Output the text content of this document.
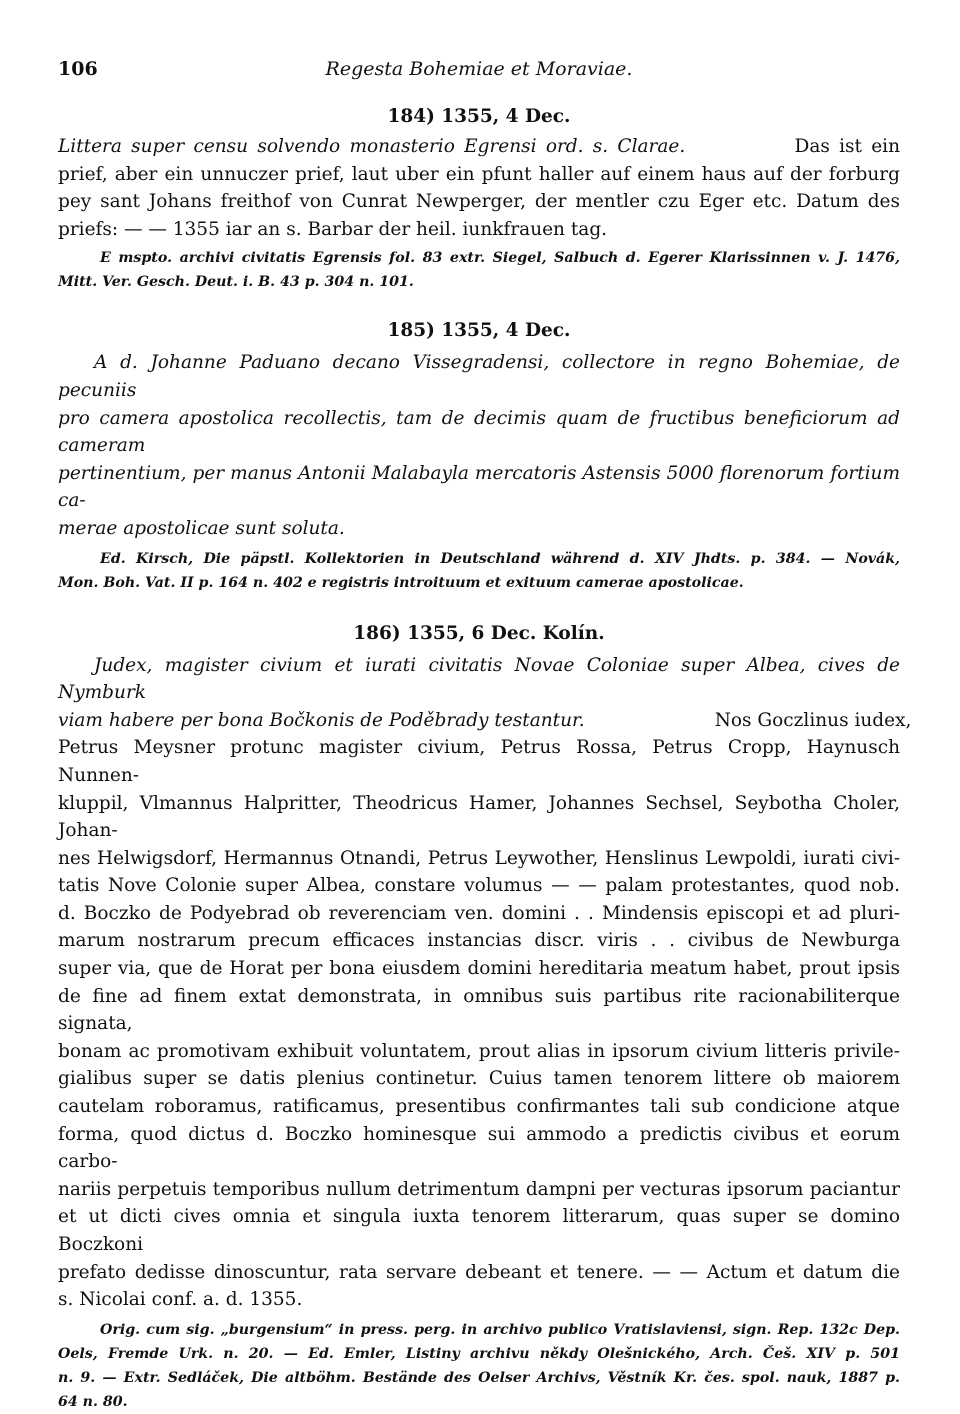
106	Regesta Bohemiae et Moraviae.

184) 1355, 4 Dec.

Littera super censu solvendo monasterio Egrensi ord. s. Clarae.	Das ist ein
prief, aber ein unnuczer prief, laut uber ein pfunt haller auf einem haus auf der forburg
pey sant Johans freithof von Cunrat Newperger, der mentler czu Eger etc. Datum des
priefs: — — 1355 iar an s. Barbar der heil. iunkfrauen tag.

E mspto. archivi civitatis Egrensis fol. 83 extr. Siegel, Salbuch d. Egerer Klarissinnen v. J. 1476,
Mitt. Ver. Gesch. Deut. i. B. 43 p. 304 n. 101.

185) 1355, 4 Dec.

A d. Johanne Paduano decano Vissegradensi, collectore in regno Bohemiae, de pecuniis
pro camera apostolica recollectis, tam de decimis quam de fructibus beneficiorum ad cameram
pertinentium, per manus Antonii Malabayla mercatoris Astensis 5000 florenorum fortium ca-
merae apostolicae sunt soluta.

Ed. Kirsch, Die päpstl. Kollektorien in Deutschland während d. XIV Jhdts. p. 384. — Novák,
Mon. Boh. Vat. II p. 164 n. 402 e registris introituum et exituum camerae apostolicae.

186) 1355, 6 Dec. Kolín.

Judex, magister civium et iurati civitatis Novae Coloniae super Albea, cives de Nymburk
viam habere per bona Bočkonis de Poděbrady testantur.	Nos Goczlinus iudex,
Petrus Meysner protunc magister civium, Petrus Rossa, Petrus Cropp, Haynusch Nunnen-
kluppil, Vlmannus Halpritter, Theodricus Hamer, Johannes Sechsel, Seybotha Choler, Johan-
nes Helwigsdorf, Hermannus Otnandi, Petrus Leywother, Henslinus Lewpoldi, iurati civi-
tatis Nove Colonie super Albea, constare volumus — — palam protestantes, quod nob.
d. Boczko de Podyebrad ob reverenciam ven. domini . . Mindensis episcopi et ad pluri-
marum nostrarum precum efficaces instancias discr. viris . . civibus de Newburga
super via, que de Horat per bona eiusdem domini hereditaria meatum habet, prout ipsis
de fine ad finem extat demonstrata, in omnibus suis partibus rite racionabiliterque signata,
bonam ac promotivam exhibuit voluntatem, prout alias in ipsorum civium litteris privile-
gialibus super se datis plenius continetur. Cuius tamen tenorem littere ob maiorem
cautelam roboramus, ratificamus, presentibus confirmantes tali sub condicione atque
forma, quod dictus d. Boczko hominesque sui ammodo a predictis civibus et eorum carbo-
nariis perpetuis temporibus nullum detrimentum dampni per vecturas ipsorum paciantur
et ut dicti cives omnia et singula iuxta tenorem litterarum, quas super se domino Boczkoni
prefato dedisse dinoscuntur, rata servare debeant et tenere. — — Actum et datum die
s. Nicolai conf. a. d. 1355.

Orig. cum sig. „burgensium“ in press. perg. in archivo publico Vratislaviensi, sign. Rep. 132c Dep.
Oels, Fremde Urk. n. 20. — Ed. Emler, Listiny archivu někdy Olešnického, Arch. Češ. XIV p. 501
n. 9. — Extr. Sedláček, Die altböhm. Bestände des Oelser Archivs, Věstník Kr. čes. spol. nauk, 1887 p.
64 n. 80.
